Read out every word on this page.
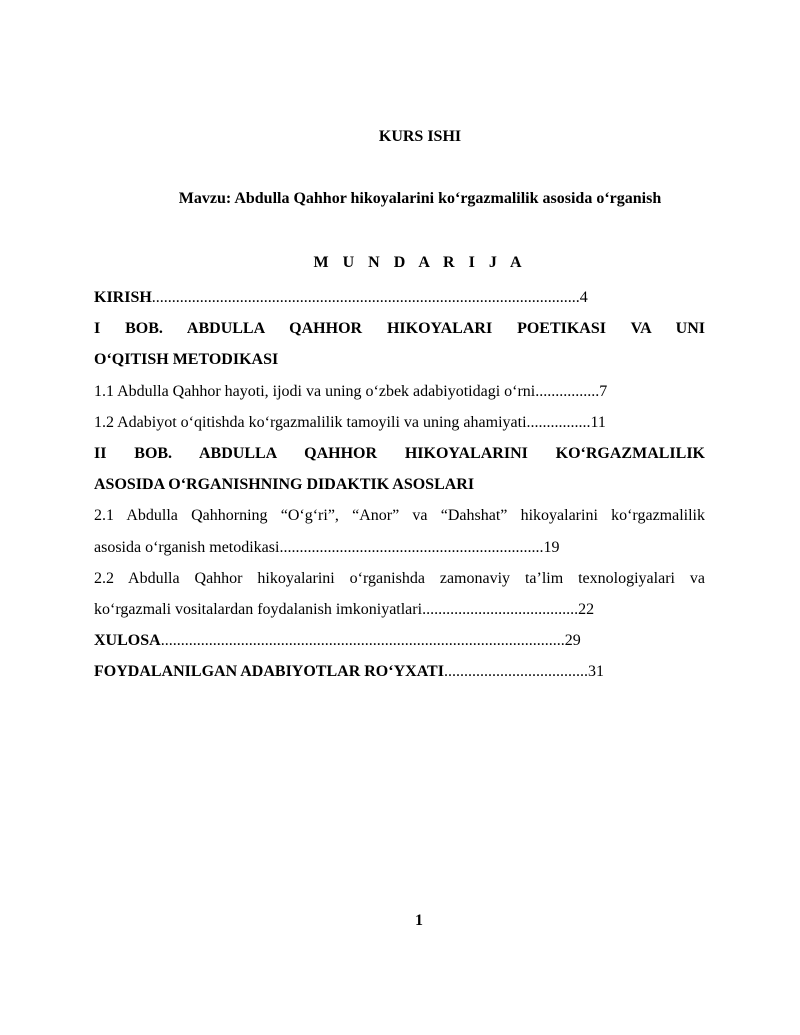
KURS ISHI

Mavzu: Abdulla Qahhor hikoyalarini ko‘rgazmalilik asosida o‘rganish

M U N D A R I J A

KIRISH...........................................................................................................4
I BOB. ABDULLA QAHHOR HIKOYALARI POETIKASI VA UNI
O‘QITISH METODIKASI
1.1 Abdulla Qahhor hayoti, ijodi va uning o‘zbek adabiyotidagi o‘rni................7
1.2 Adabiyot o‘qitishda ko‘rgazmalilik tamoyili va uning ahamiyati................11
II BOB. ABDULLA QAHHOR HIKOYALARINI KO‘RGAZMALILIK
ASOSIDA O‘RGANISHNING DIDAKTIK ASOSLARI
2.1 Abdulla Qahhorning “O‘g‘ri”, “Anor” va “Dahshat” hikoyalarini ko‘rgazmalilik
asosida o‘rganish metodikasi..................................................................19
2.2 Abdulla Qahhor hikoyalarini o‘rganishda zamonaviy ta’lim texnologiyalari va
ko‘rgazmali vositalardan foydalanish imkoniyatlari.......................................22
XULOSA.....................................................................................................29
FOYDALANILGAN ADABIYOTLAR RO‘YXATI....................................31
1
